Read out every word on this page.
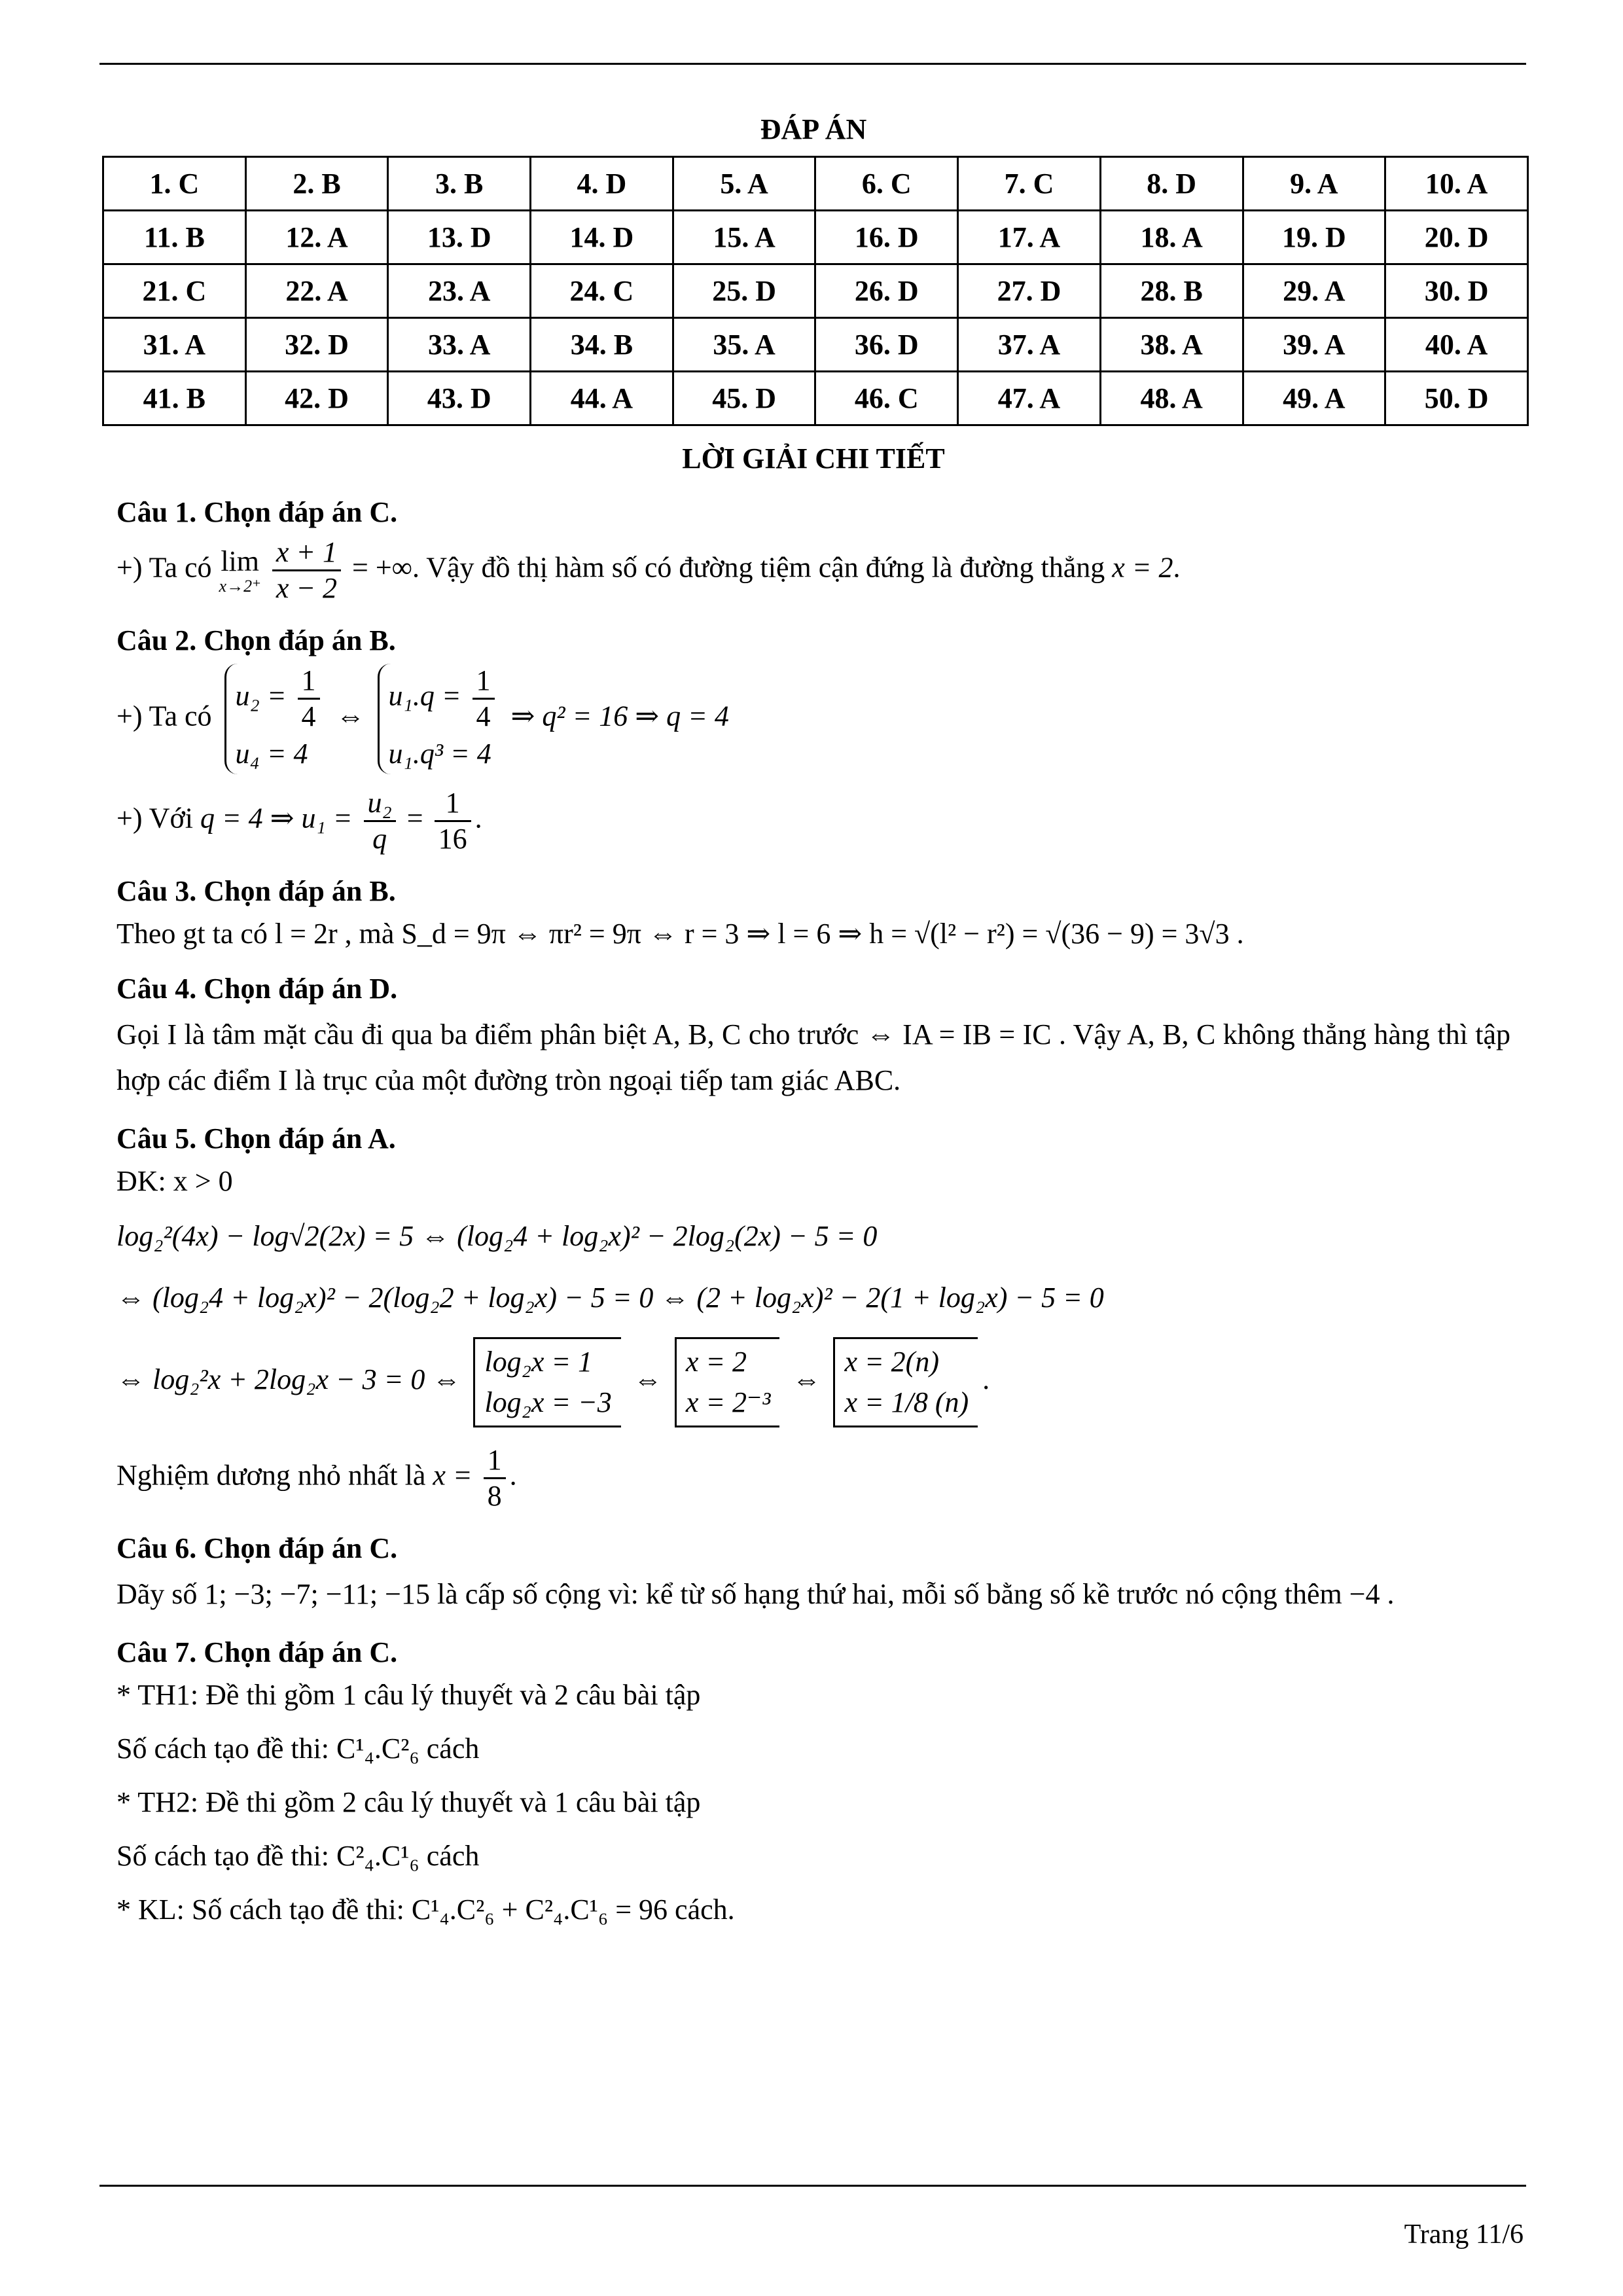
ĐÁP ÁN
1. C	2. B	3. B	4. D	5. A	6. C	7. C	8. D	9. A	10. A
11. B	12. A	13. D	14. D	15. A	16. D	17. A	18. A	19. D	20. D
21. C	22. A	23. A	24. C	25. D	26. D	27. D	28. B	29. A	30. D
31. A	32. D	33. A	34. B	35. A	36. D	37. A	38. A	39. A	40. A
41. B	42. D	43. D	44. A	45. D	46. C	47. A	48. A	49. A	50. D
LỜI GIẢI CHI TIẾT
Câu 1. Chọn đáp án C.
+) Ta có lim
x→2⁺
$\frac{x + 1}{x - 2}$ = +∞. Vậy đồ thị hàm số có đường tiệm cận đứng là đường thẳng x = 2.
Câu 2. Chọn đáp án B.
+) Ta có
$u_2 = \frac{1}{4}$
u₄ = 4
⇔
$u_1.q = \frac{1}{4}$
u₁.q³ = 4
⇒ q² = 16 ⇒ q = 4
+) Với q = 4 ⇒ $u_1 = \frac{\text{u₂}}{q} = \frac{1}{16}$ .
Câu 3. Chọn đáp án B.
Theo gt ta có l = 2r , mà S_d = 9π ⇔ πr² = 9π ⇔ r = 3 ⇒ l = 6 ⇒ h = √(l² − r²) = √(36 − 9) = 3√3 .
Câu 4. Chọn đáp án D.
Gọi I là tâm mặt cầu đi qua ba điểm phân biệt A, B, C cho trước ⇔ IA = IB = IC . Vậy A, B, C không thẳng hàng thì tập hợp các điểm I là trục của một đường tròn ngoại tiếp tam giác ABC.
Câu 5. Chọn đáp án A.
ĐK: x > 0
log₂²(4x) − log√2(2x) = 5 ⇔ (log₂4 + log₂x)² − 2log₂(2x) − 5 = 0
⇔ (log₂4 + log₂x)² − 2(log₂2 + log₂x) − 5 = 0 ⇔ (2 + log₂x)² − 2(1 + log₂x) − 5 = 0
⇔ log₂²x + 2log₂x − 3 = 0 ⇔
log₂x = 1
log₂x = −3
⇔
x = 2
x = 2⁻³
⇔
x = 2(n)
x = 1/8 (n)
.
Nghiệm dương nhỏ nhất là $x = \frac{1}{8}$ .
Câu 6. Chọn đáp án C.
Dãy số 1; −3; −7; −11; −15 là cấp số cộng vì: kể từ số hạng thứ hai, mỗi số bằng số kề trước nó cộng thêm −4 .
Câu 7. Chọn đáp án C.
* TH1: Đề thi gồm 1 câu lý thuyết và 2 câu bài tập
Số cách tạo đề thi: C¹₄.C²₆ cách
* TH2: Đề thi gồm 2 câu lý thuyết và 1 câu bài tập
Số cách tạo đề thi: C²₄.C¹₆ cách
* KL: Số cách tạo đề thi: C¹₄.C²₆ + C²₄.C¹₆ = 96 cách.
Trang 11/6
